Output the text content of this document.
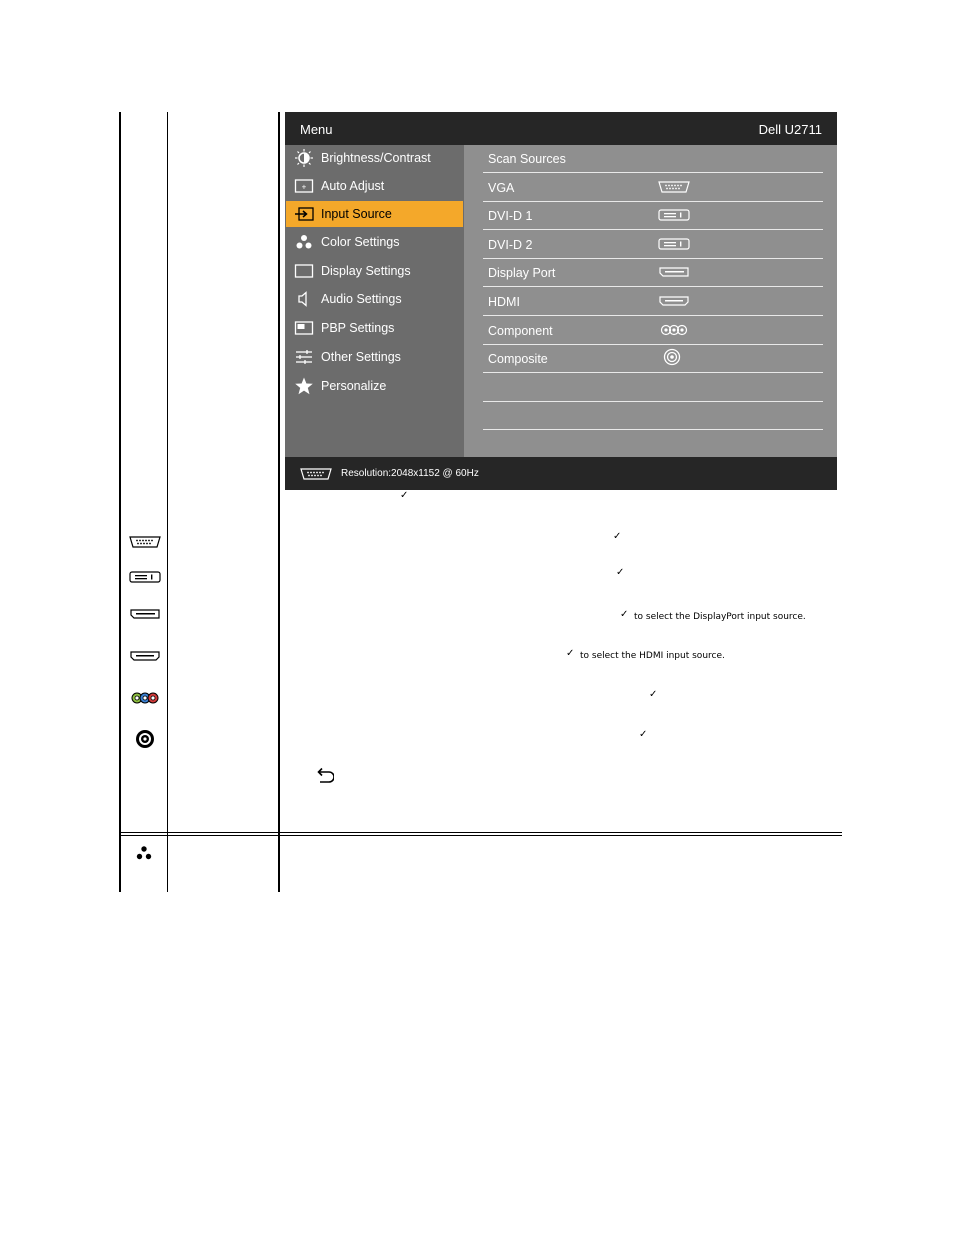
Menu	Dell U2711
Brightness/Contrast
+ Auto Adjust
Input Source
Color Settings
Display Settings
Audio Settings
PBP Settings
Other Settings
Personalize
Scan Sources
VGA
DVI-D 1
DVI-D 2
Display Port
HDMI
Component
Composite
Resolution:2048x1152 @ 60Hz
✓
✓
✓
✓ to select the DisplayPort input source.
✓ to select the HDMI input source.
✓
✓
